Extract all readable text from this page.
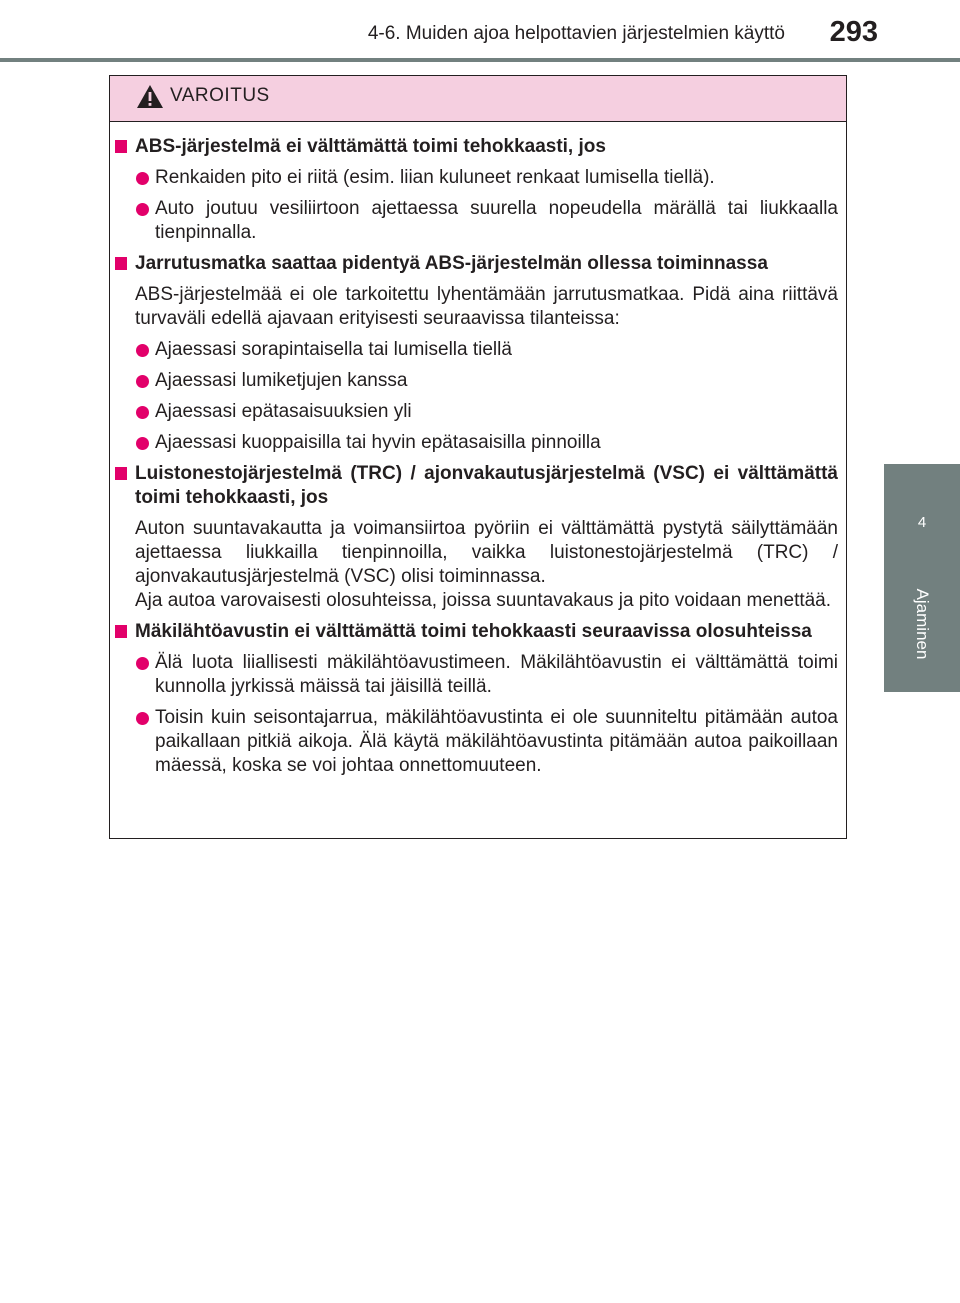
4-6. Muiden ajoa helpottavien järjestelmien käyttö 293
4
Ajaminen
VAROITUS
ABS-järjestelmä ei välttämättä toimi tehokkaasti, jos
Renkaiden pito ei riitä (esim. liian kuluneet renkaat lumisella tiellä).
Auto joutuu vesiliirtoon ajettaessa suurella nopeudella märällä tai liukkaalla tienpinnalla.
Jarrutusmatka saattaa pidentyä ABS-järjestelmän ollessa toiminnassa
ABS-järjestelmää ei ole tarkoitettu lyhentämään jarrutusmatkaa. Pidä aina riittävä turvaväli edellä ajavaan erityisesti seuraavissa tilanteissa:
Ajaessasi sorapintaisella tai lumisella tiellä
Ajaessasi lumiketjujen kanssa
Ajaessasi epätasaisuuksien yli
Ajaessasi kuoppaisilla tai hyvin epätasaisilla pinnoilla
Luistonestojärjestelmä (TRC) / ajonvakautusjärjestelmä (VSC) ei välttämättä toimi tehokkaasti, jos
Auton suuntavakautta ja voimansiirtoa pyöriin ei välttämättä pystytä säilyttämään ajettaessa liukkailla tienpinnoilla, vaikka luistonestojärjestelmä (TRC) / ajonvakautusjärjestelmä (VSC) olisi toiminnassa.
Aja autoa varovaisesti olosuhteissa, joissa suuntavakaus ja pito voidaan menettää.
Mäkilähtöavustin ei välttämättä toimi tehokkaasti seuraavissa olosuhteissa
Älä luota liiallisesti mäkilähtöavustimeen. Mäkilähtöavustin ei välttämättä toimi kunnolla jyrkissä mäissä tai jäisillä teillä.
Toisin kuin seisontajarrua, mäkilähtöavustinta ei ole suunniteltu pitämään autoa paikallaan pitkiä aikoja. Älä käytä mäkilähtöavustinta pitämään autoa paikoillaan mäessä, koska se voi johtaa onnettomuuteen.
